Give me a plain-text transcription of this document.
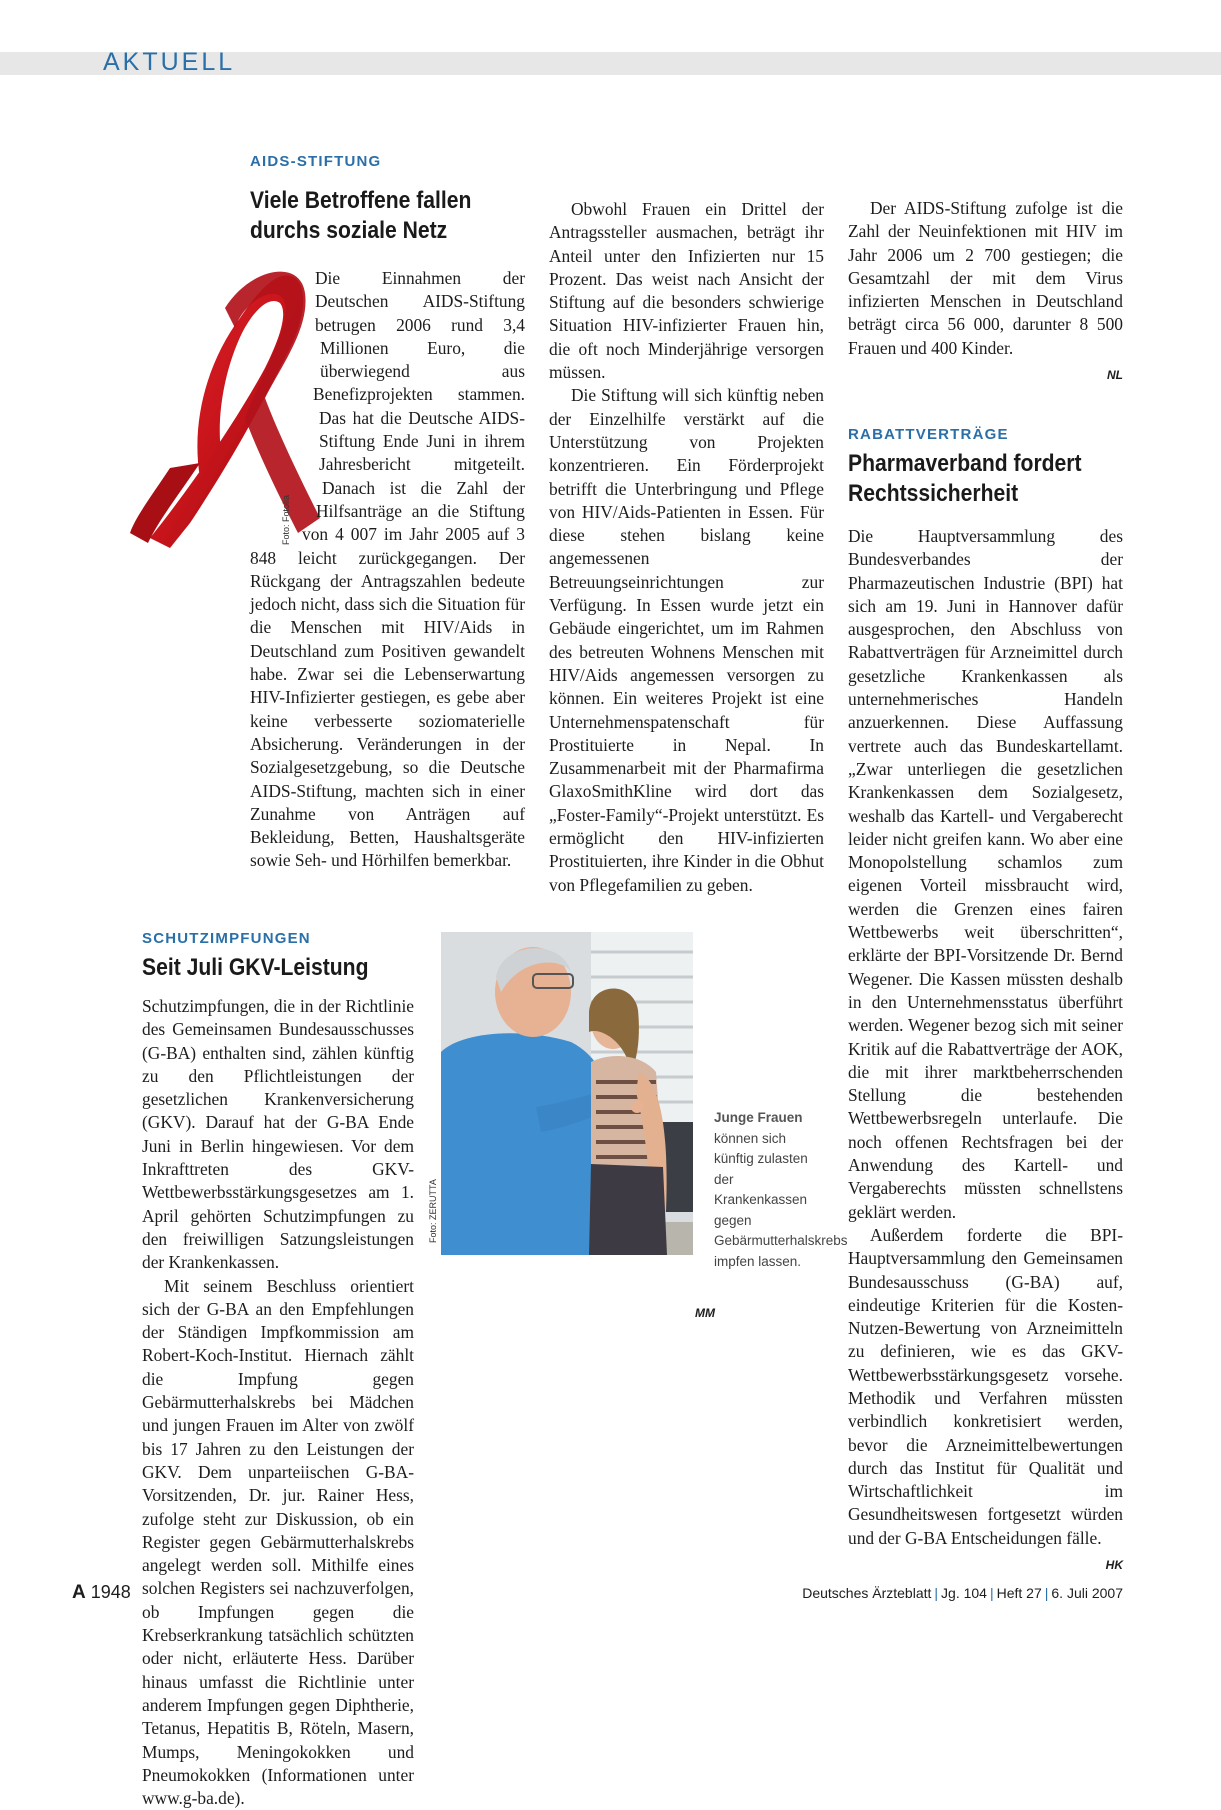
AKTUELL
AIDS-STIFTUNG
Viele Betroffene fallen
durchs soziale Netz
Foto: Fotolia

Die Einnahmen der Deutschen AIDS-Stiftung betrugen 2006 rund 3,4 Millionen Euro, die überwiegend aus Benefizprojekten stammen. Das hat die Deutsche AIDS-Stiftung Ende Juni in ihrem Jahresbericht mitgeteilt. Danach ist die Zahl der Hilfsanträge an die Stiftung von 4 007 im Jahr 2005 auf 3 848 leicht zurückgegangen. Der Rückgang der Antragszahlen bedeute jedoch nicht, dass sich die Situation für die Menschen mit HIV/Aids in Deutschland zum Positiven gewandelt habe. Zwar sei die Lebenserwartung HIV-Infizierter gestiegen, es gebe aber keine verbesserte soziomaterielle Absicherung. Veränderungen in der Sozialgesetzgebung, so die Deutsche AIDS-Stiftung, machten sich in einer Zunahme von Anträgen auf Bekleidung, Betten, Haushaltsgeräte sowie Seh- und Hörhilfen bemerkbar.

Obwohl Frauen ein Drittel der Antragssteller ausmachen, beträgt ihr Anteil unter den Infizierten nur 15 Prozent. Das weist nach Ansicht der Stiftung auf die besonders schwierige Situation HIV-infizierter Frauen hin, die oft noch Minderjährige versorgen müssen.

Die Stiftung will sich künftig neben der Einzelhilfe verstärkt auf die Unterstützung von Projekten konzentrieren. Ein Förderprojekt betrifft die Unterbringung und Pflege von HIV/Aids-Patienten in Essen. Für diese stehen bislang keine angemessenen Betreuungseinrichtungen zur Verfügung. In Essen wurde jetzt ein Gebäude eingerichtet, um im Rahmen des betreuten Wohnens Menschen mit HIV/Aids angemessen versorgen zu können. Ein weiteres Projekt ist eine Unternehmenspatenschaft für Prostituierte in Nepal. In Zusammenarbeit mit der Pharmafirma GlaxoSmithKline wird dort das „Foster-Family“-Projekt unterstützt. Es ermöglicht den HIV-infizierten Prostituierten, ihre Kinder in die Obhut von Pflegefamilien zu geben.

Der AIDS-Stiftung zufolge ist die Zahl der Neuinfektionen mit HIV im Jahr 2006 um 2 700 gestiegen; die Gesamtzahl der mit dem Virus infizierten Menschen in Deutschland beträgt circa 56 000, darunter 8 500 Frauen und 400 Kinder.

NL
RABATTVERTRÄGE
Pharmaverband fordert
Rechtssicherheit

Die Hauptversammlung des Bundesverbandes der Pharmazeutischen Industrie (BPI) hat sich am 19. Juni in Hannover dafür ausgesprochen, den Abschluss von Rabattverträgen für Arzneimittel durch gesetzliche Krankenkassen als unternehmerisches Handeln anzuerkennen. Diese Auffassung vertrete auch das Bundeskartellamt. „Zwar unterliegen die gesetzlichen Krankenkassen dem Sozialgesetz, weshalb das Kartell- und Vergaberecht leider nicht greifen kann. Wo aber eine Monopolstellung schamlos zum eigenen Vorteil missbraucht wird, werden die Grenzen eines fairen Wettbewerbs weit überschritten“, erklärte der BPI-Vorsitzende Dr. Bernd Wegener. Die Kassen müssten deshalb in den Unternehmensstatus überführt werden. Wegener bezog sich mit seiner Kritik auf die Rabattverträge der AOK, die mit ihrer marktbeherrschenden Stellung die bestehenden Wettbewerbsregeln unterlaufe. Die noch offenen Rechtsfragen bei der Anwendung des Kartell- und Vergaberechts müssten schnellstens geklärt werden.

Außerdem forderte die BPI-Hauptversammlung den Gemeinsamen Bundesausschuss (G-BA) auf, eindeutige Kriterien für die Kosten-Nutzen-Bewertung von Arzneimitteln zu definieren, wie es das GKV-Wettbewerbsstärkungsgesetz vorsehe. Methodik und Verfahren müssten verbindlich konkretisiert werden, bevor die Arzneimittelbewertungen durch das Institut für Qualität und Wirtschaftlichkeit im Gesundheitswesen fortgesetzt würden und der G-BA Entscheidungen fälle.

HK
SCHUTZIMPFUNGEN
Seit Juli GKV-Leistung

Schutzimpfungen, die in der Richtlinie des Gemeinsamen Bundesausschusses (G-BA) enthalten sind, zählen künftig zu den Pflichtleistungen der gesetzlichen Krankenversicherung (GKV). Darauf hat der G-BA Ende Juni in Berlin hingewiesen. Vor dem Inkrafttreten des GKV-Wettbewerbsstärkungsgesetzes am 1. April gehörten Schutzimpfungen zu den freiwilligen Satzungsleistungen der Krankenkassen.

Mit seinem Beschluss orientiert sich der G-BA an den Empfehlungen der Ständigen Impfkommission am Robert-Koch-Institut. Hiernach zählt die Impfung gegen Gebärmutterhalskrebs bei Mädchen und jungen Frauen im Alter von zwölf bis 17 Jahren zu den Leistungen der GKV. Dem unparteiischen G-BA-Vorsitzenden, Dr. jur. Rainer Hess, zufolge steht zur Diskussion, ob ein Register gegen Gebärmutterhalskrebs angelegt werden soll. Mithilfe eines solchen Registers sei nachzuverfolgen, ob Impfungen gegen die Krebserkrankung tatsächlich schützten oder nicht, erläuterte Hess. Darüber hinaus umfasst die Richtlinie unter anderem Impfungen gegen Diphtherie, Tetanus, Hepatitis B, Röteln, Masern, Mumps, Meningokokken und Pneumokokken (Informationen unter www.g-ba.de).

MM
Foto: ZERUTTA
Junge Frauen können sich künftig zulasten der Krankenkassen gegen Gebärmutterhalskrebs impfen lassen.
A 1948	Deutsches Ärzteblatt | Jg. 104 | Heft 27 | 6. Juli 2007
